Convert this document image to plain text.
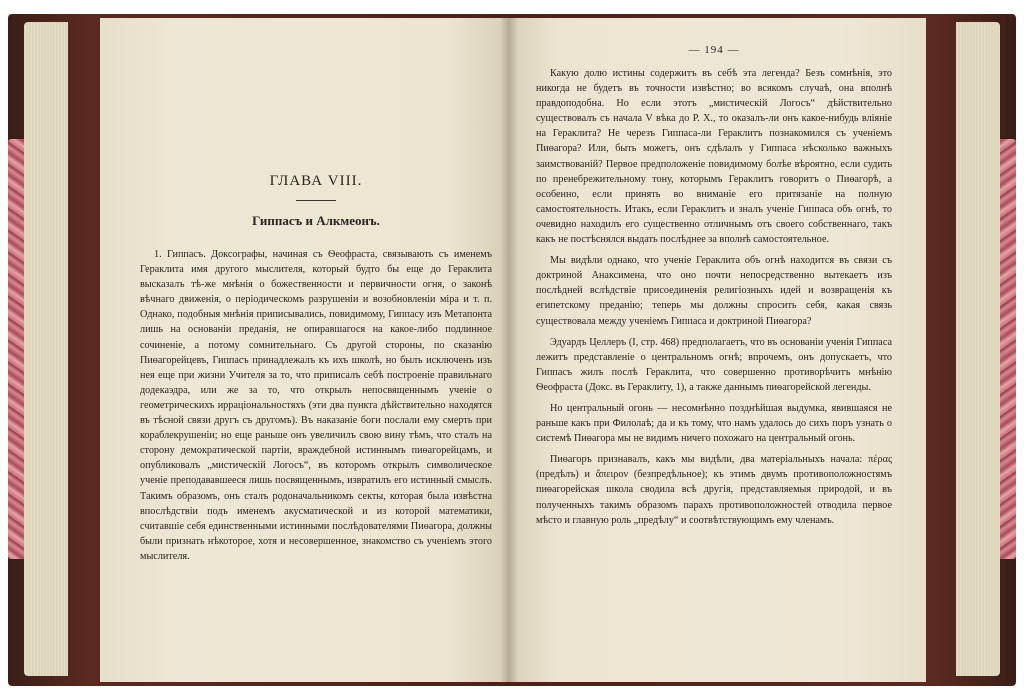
ГЛАВА VIII.
Гиппасъ и Алкмеонъ.

1. Гиппасъ. Доксографы, начиная съ Ѳеофраста, связывають съ именемъ Гераклита имя другого мыслителя, который будто бы еще до Гераклита высказалъ тѣ-же мнѣнія о божественности и первичности огня, о законѣ вѣчнаго движенія, о періодическомъ разрушеніи и возобновленіи міра и т. п. Однако, подобныя мнѣнія приписывались, повидимому, Гиппасу изъ Метапонта лишь на основаніи преданія, не опиравшагося на какое-либо подлинное сочиненіе, а потому сомнительнаго. Съ другой стороны, по сказанію Пиѳагорейцевъ, Гиппасъ принадлежалъ къ ихъ школѣ, но былъ исключенъ изъ нея еще при жизни Учителя за то, что приписалъ себѣ построеніе правильнаго додекаэдра, или же за то, что открылъ непосвященнымъ ученіе о геометрическихъ ирраціональностяхъ (эти два пункта дѣйствительно находятся въ тѣсной связи другъ съ другомъ). Въ наказаніе боги послали ему смерть при кораблекрушеніи; но еще раньше онъ увеличилъ свою вину тѣмъ, что сталъ на сторону демократической партіи, враждебной истиннымъ пиѳагорейцамъ, и опубликовалъ „мистическій Логосъ“, въ которомъ открылъ символическое ученіе преподававшееся лишь посвященнымъ, извратилъ его истинный смыслъ. Такимъ образомъ, онъ сталъ родоначальникомъ секты, которая была извѣстна впослѣдствіи подъ именемъ акусматической и из которой математики, считавшіе себя единственными истинными послѣдователями Пиѳагора, должны были признать нѣкоторое, хотя и несовершенное, знакомство съ ученіемъ этого мыслителя.

— 194 —

Какую долю истины содержитъ въ себѣ эта легенда? Безъ сомнѣнія, это никогда не будетъ въ точности извѣстно; во всякомъ случаѣ, она вполнѣ правдоподобна. Но если этотъ „мистическій Логосъ“ дѣйствительно существовалъ съ начала V вѣка до Р. Х., то оказалъ-ли онъ какое-нибудь вліяніе на Гераклита? Не черезъ Гиппаса-ли Гераклитъ познакомился съ ученіемъ Пиѳагора? Или, быть можетъ, онъ сдѣлалъ у Гиппаса нѣсколько важныхъ заимствованій? Первое предположеніе повидимому болѣе вѣроятно, если судить по пренебрежительному тону, которымъ Гераклитъ говоритъ о Пиѳагорѣ, а особенно, если принять во вниманіе его притязаніе на полную самостоятельность. Итакъ, если Гераклитъ и зналъ ученіе Гиппаса объ огнѣ, то очевидно находилъ его существенно отличнымъ отъ своего собственнаго, такъ какъ не постѣснялся выдать послѣднее за вполнѣ самостоятельное.

Мы видѣли однако, что ученіе Гераклита объ огнѣ находится въ связи съ доктриной Анаксимена, что оно почти непосредственно вытекаетъ изъ послѣдней вслѣдствіе присоединенія религіозныхъ идей и возвращенія къ египетскому преданію; теперь мы должны спросить себя, какая связь существовала между ученіемъ Гиппаса и доктриной Пиѳагора?

Эдуардъ Целлеръ (I, стр. 468) предполагаетъ, что въ основаніи ученія Гиппаса лежитъ представленіе о центральномъ огнѣ; впрочемъ, онъ допускаетъ, что Гиппасъ жилъ послѣ Гераклита, что совершенно противорѣчитъ мнѣнію Ѳеофраста (Докс. въ Гераклиту, 1), а также даннымъ пиѳагорейской легенды.

Но центральный огонь — несомнѣнно позднѣйшая выдумка, явившаяся не раньше какъ при Филолаѣ; да и къ тому, что намъ удалось до сихъ поръ узнать о системѣ Пиѳагора мы не видимъ ничего похожаго на центральный огонь.

Пиѳагоръ признавалъ, какъ мы видѣли, два матеріальныхъ начала: πέρας (предѣлъ) и ἄπειρον (безпредѣльное); къ этимъ двумъ противоположностямъ пиѳагорейская школа сводила всѣ другія, представляемыя природой, и въ полученныхъ такимъ образомъ парахъ противоположностей отводила первое мѣсто и главную роль „предѣлу“ и соотвѣтствующимъ ему членамъ.
